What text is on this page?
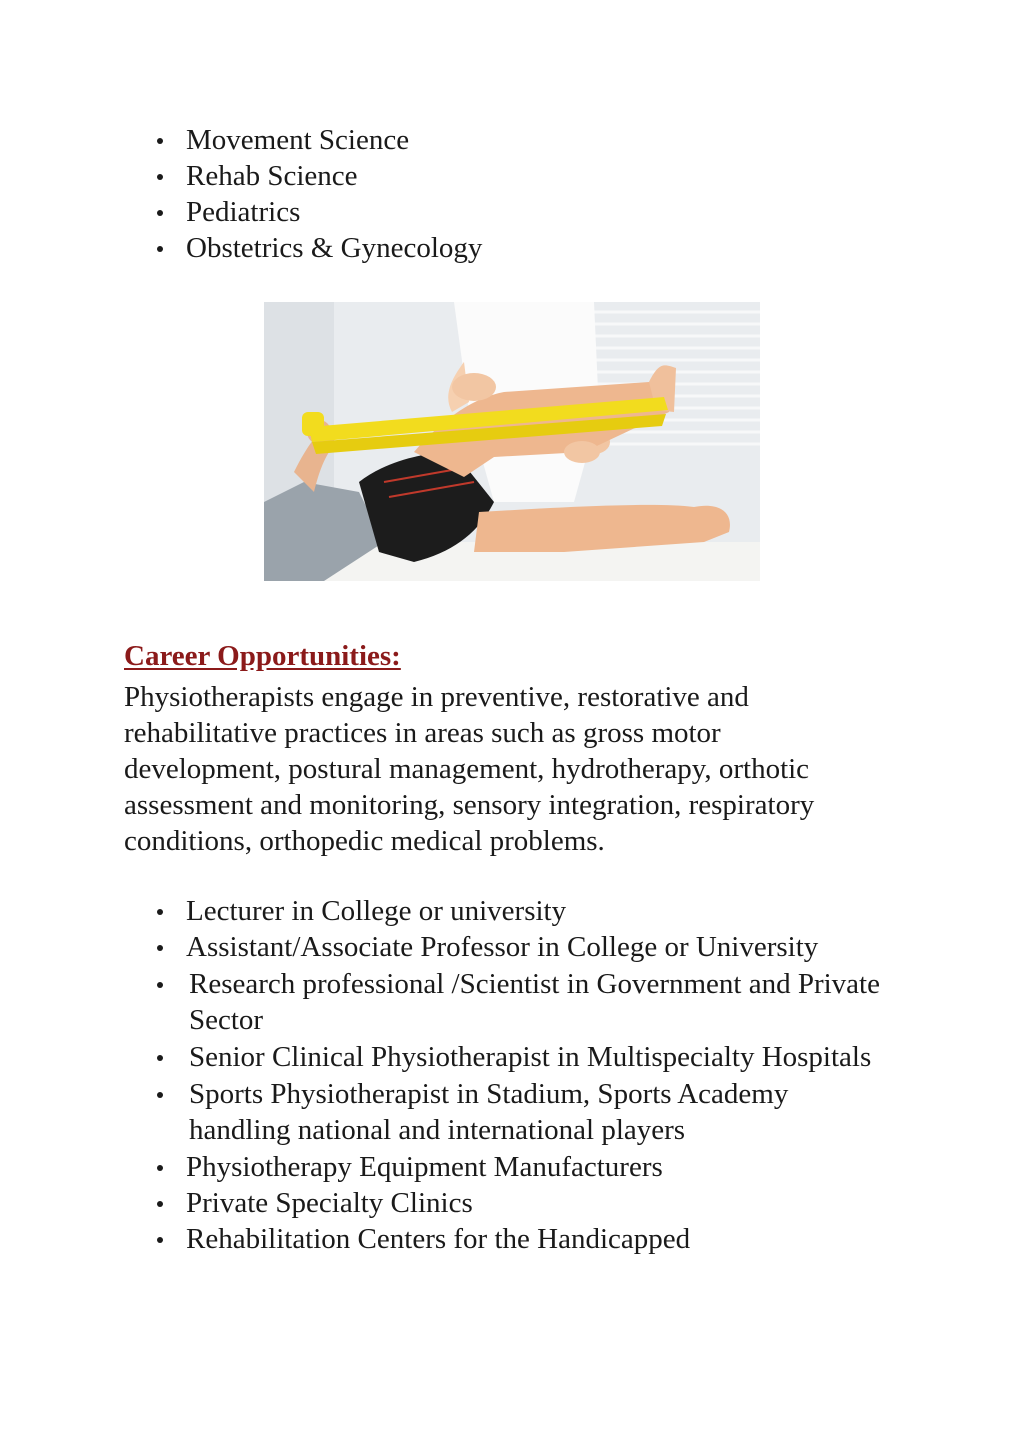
Movement Science
Rehab Science
Pediatrics
Obstetrics & Gynecology
Career Opportunities:

Physiotherapists engage in preventive, restorative and rehabilitative practices in areas such as gross motor development, postural management, hydrotherapy, orthotic assessment and monitoring, sensory integration, respiratory conditions, orthopedic medical problems.

Lecturer in College or university
Assistant/Associate Professor in College or University
Research professional /Scientist in Government and Private Sector
Senior Clinical Physiotherapist in Multispecialty Hospitals
Sports Physiotherapist in Stadium, Sports Academy handling national and international players
Physiotherapy Equipment Manufacturers
Private Specialty Clinics
Rehabilitation Centers for the Handicapped
